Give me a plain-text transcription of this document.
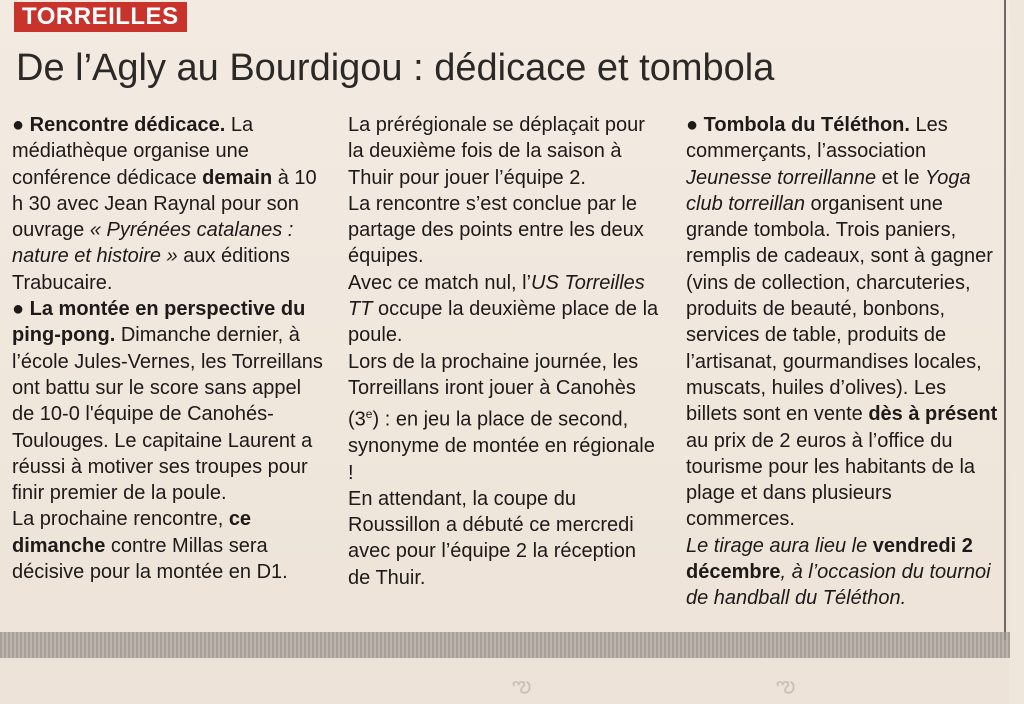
TORREILLES
De l’Agly au Bourdigou : dédicace et tombola

● Rencontre dédicace. La médiathèque organise une conférence dédicace demain à 10 h 30 avec Jean Raynal pour son ouvrage « Pyrénées catalanes : nature et histoire » aux éditions Trabucaire.

● La montée en perspective du ping-pong. Dimanche dernier, à l’école Jules-Vernes, les Torreillans ont battu sur le score sans appel de 10-0 l'équipe de Canohés-Toulouges. Le capitaine Laurent a réussi à motiver ses troupes pour finir premier de la poule.

La prochaine rencontre, ce dimanche contre Millas sera décisive pour la montée en D1.

La prérégionale se déplaçait pour la deuxième fois de la saison à Thuir pour jouer l’équipe 2.

La rencontre s’est conclue par le partage des points entre les deux équipes.

Avec ce match nul, l’US Torreilles TT occupe la deuxième place de la poule.

Lors de la prochaine journée, les Torreillans iront jouer à Canohès (3e) : en jeu la place de second, synonyme de montée en régionale !

En attendant, la coupe du Roussillon a débuté ce mercredi avec pour l’équipe 2 la réception de Thuir.

● Tombola du Téléthon. Les commerçants, l’association Jeunesse torreillanne et le Yoga club torreillan organisent une grande tombola. Trois paniers, remplis de cadeaux, sont à gagner (vins de collection, charcuteries, produits de beauté, bonbons, services de table, produits de l’artisanat, gourmandises locales, muscats, huiles d’olives). Les billets sont en vente dès à présent au prix de 2 euros à l’office du tourisme pour les habitants de la plage et dans plusieurs commerces.

Le tirage aura lieu le vendredi 2 décembre, à l’occasion du tournoi de handball du Téléthon.

ఌ	ఌ
